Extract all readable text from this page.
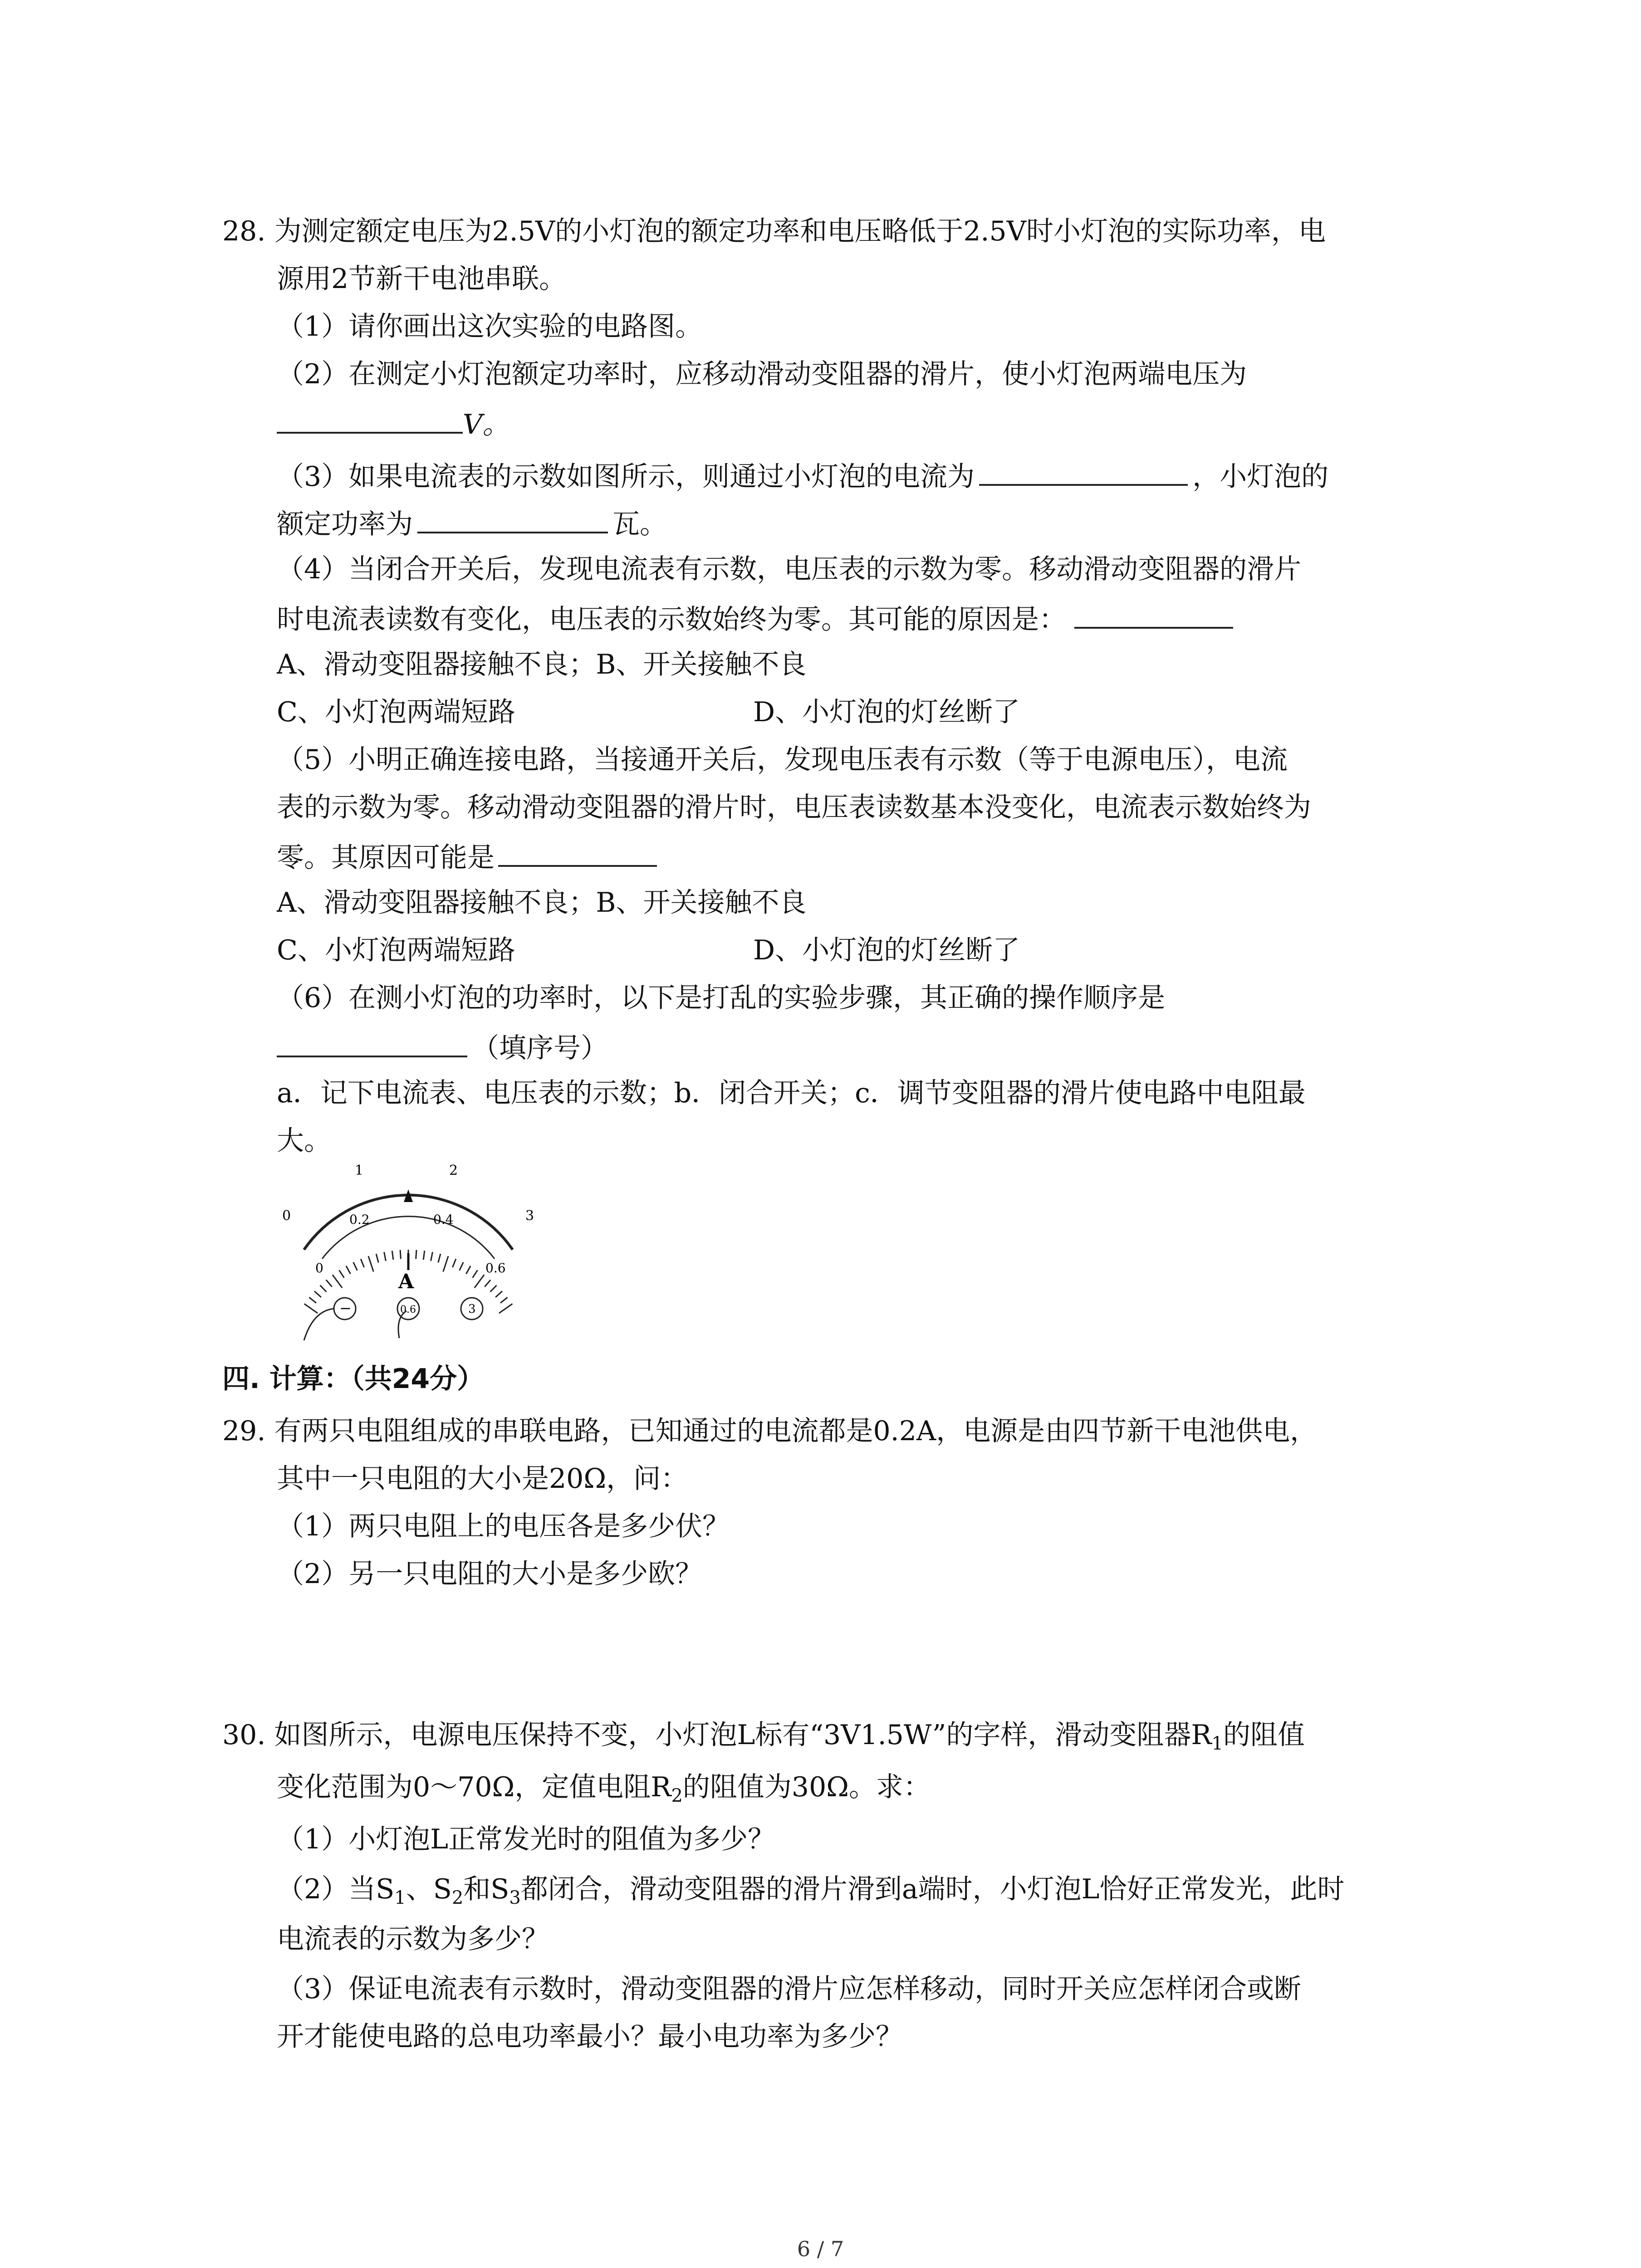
28. 为测定额定电压为2.5V的小灯泡的额定功率和电压略低于2.5V时小灯泡的实际功率，电
源用2节新干电池串联。
（1）请你画出这次实验的电路图。
（2）在测定小灯泡额定功率时，应移动滑动变阻器的滑片，使小灯泡两端电压为
V。
（3）如果电流表的示数如图所示，则通过小灯泡的电流为	，小灯泡的
额定功率为	瓦。
（4）当闭合开关后，发现电流表有示数，电压表的示数为零。移动滑动变阻器的滑片
时电流表读数有变化，电压表的示数始终为零。其可能的原因是：
A、滑动变阻器接触不良；B、开关接触不良
C、小灯泡两端短路	D、小灯泡的灯丝断了
（5）小明正确连接电路，当接通开关后，发现电压表有示数（等于电源电压），电流
表的示数为零。移动滑动变阻器的滑片时，电压表读数基本没变化，电流表示数始终为
零。其原因可能是
A、滑动变阻器接触不良；B、开关接触不良
C、小灯泡两端短路	D、小灯泡的灯丝断了
（6）在测小灯泡的功率时，以下是打乱的实验步骤，其正确的操作顺序是
（填序号）
a．记下电流表、电压表的示数；b．闭合开关；c．调节变阻器的滑片使电路中电阻最
大。
0
1	2
3
0
0.2	0.4
0.6
A
−	0.6	3
四. 计算：（共24分）
29. 有两只电阻组成的串联电路，已知通过的电流都是0.2A，电源是由四节新干电池供电，
其中一只电阻的大小是20Ω，问：
（1）两只电阻上的电压各是多少伏？
（2）另一只电阻的大小是多少欧？
30. 如图所示，电源电压保持不变，小灯泡L标有“3V1.5W”的字样，滑动变阻器$R_1$的阻值
变化范围为0～70Ω，定值电阻$R_2$的阻值为30Ω。求：
（1）小灯泡L正常发光时的阻值为多少？
（2）当$S_1$、$S_2$和$S_3$都闭合，滑动变阻器的滑片滑到a端时，小灯泡L恰好正常发光，此时
电流表的示数为多少？
（3）保证电流表有示数时，滑动变阻器的滑片应怎样移动，同时开关应怎样闭合或断
开才能使电路的总电功率最小？最小电功率为多少？
6 / 7
